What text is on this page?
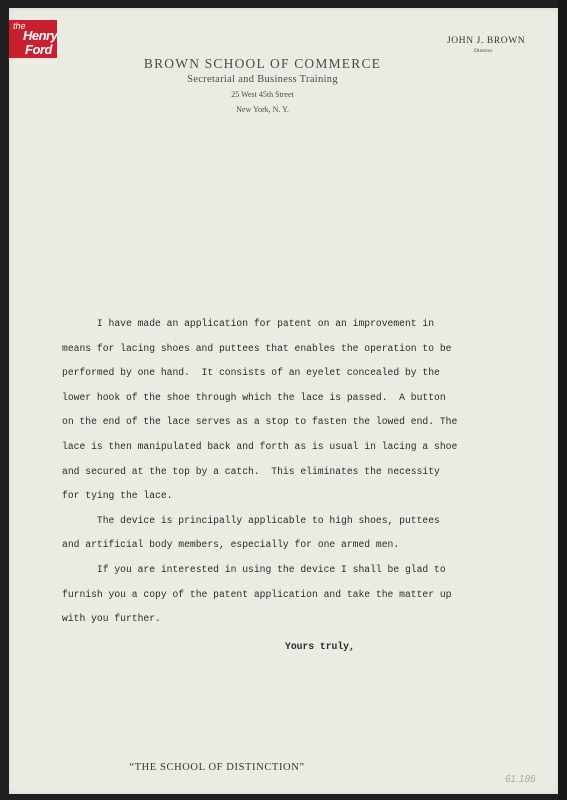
the
Henry
Ford
JOHN J. BROWN
Director
BROWN SCHOOL OF COMMERCE
Secretarial and Business Training
25 West 45th Street
New York, N. Y.
I have made an application for patent on an improvement in
means for lacing shoes and puttees that enables the operation to be
performed by one hand.  It consists of an eyelet concealed by the
lower hook of the shoe through which the lace is passed.  A button
on the end of the lace serves as a stop to fasten the lowed end. The
lace is then manipulated back and forth as is usual in lacing a shoe
and secured at the top by a catch.  This eliminates the necessity
for tying the lace.
The device is principally applicable to high shoes, puttees
and artificial body members, especially for one armed men.
If you are interested in using the device I shall be glad to
furnish you a copy of the patent application and take the matter up
with you further.
Yours truly,
“THE SCHOOL OF DISTINCTION”
61.186
